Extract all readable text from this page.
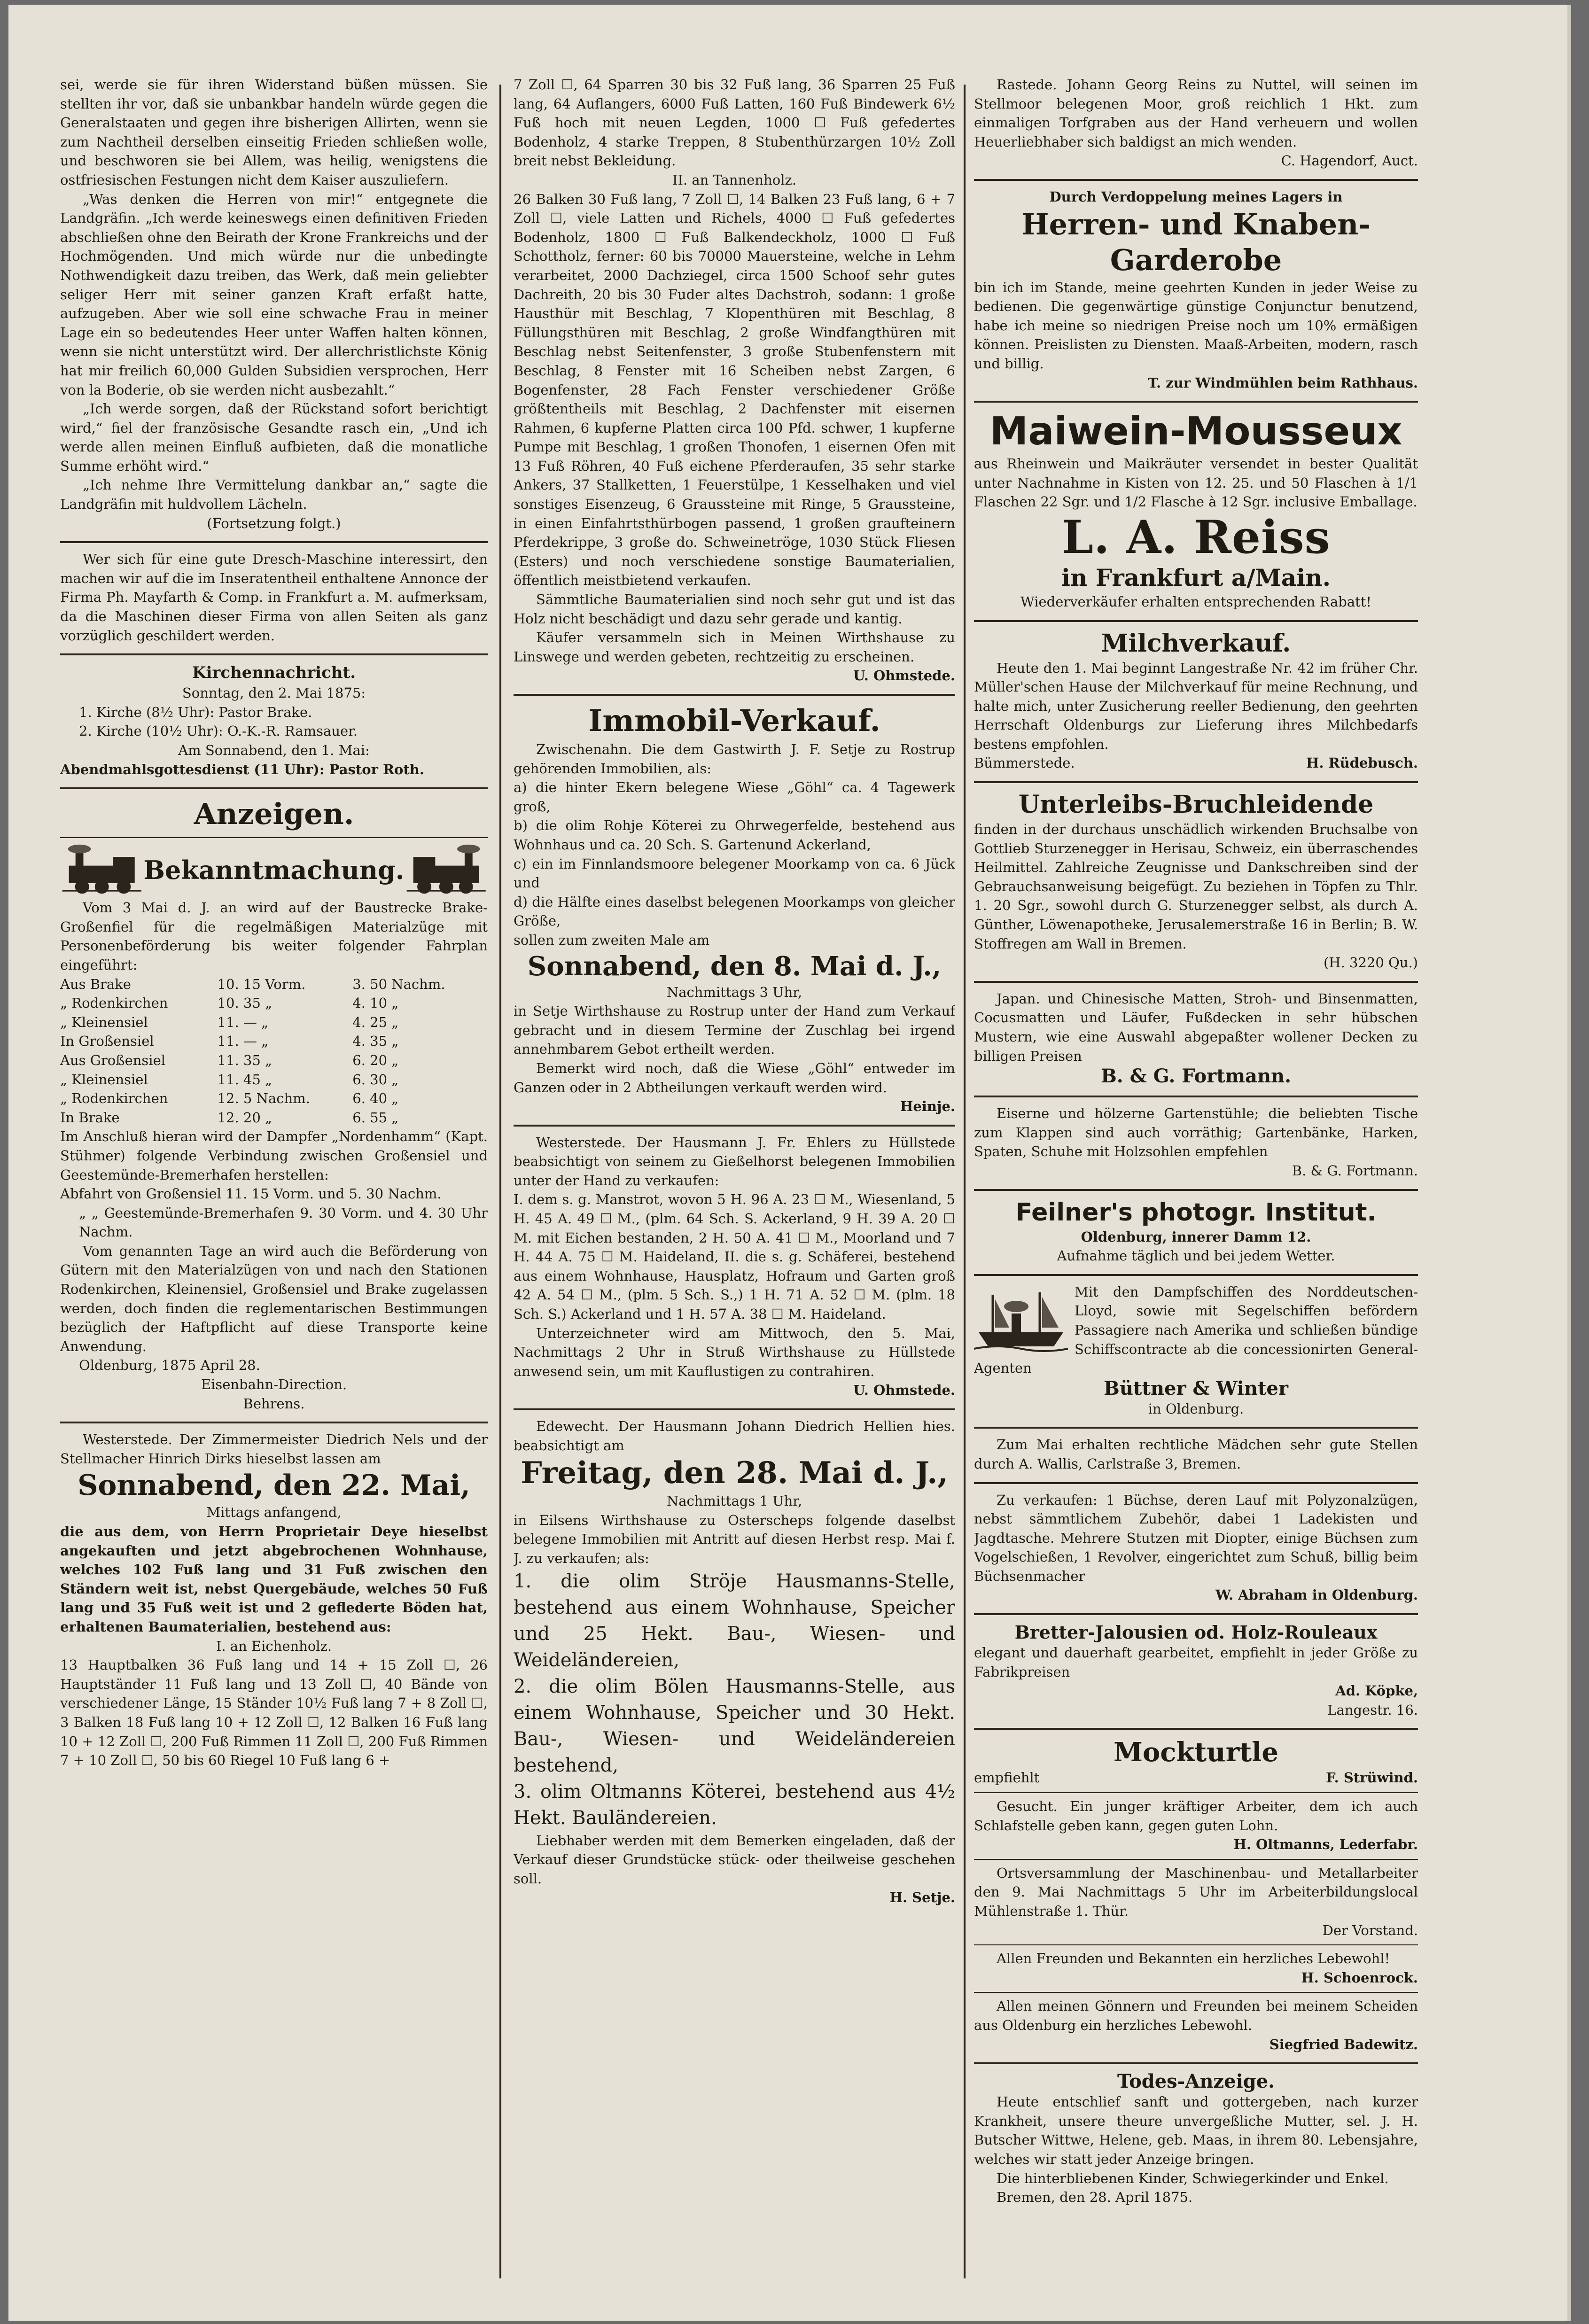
sei, werde sie für ihren Widerstand büßen müssen. Sie stellten ihr vor, daß sie unbankbar handeln würde gegen die Generalstaaten und gegen ihre bisherigen Allirten, wenn sie zum Nachtheil derselben einseitig Frieden schließen wolle, und beschworen sie bei Allem, was heilig, wenigstens die ostfriesischen Festungen nicht dem Kaiser auszuliefern.

„Was denken die Herren von mir!“ entgegnete die Landgräfin. „Ich werde keineswegs einen definitiven Frieden abschließen ohne den Beirath der Krone Frankreichs und der Hochmögenden. Und mich würde nur die unbedingte Nothwendigkeit dazu treiben, das Werk, daß mein geliebter seliger Herr mit seiner ganzen Kraft erfaßt hatte, aufzugeben. Aber wie soll eine schwache Frau in meiner Lage ein so bedeutendes Heer unter Waffen halten können, wenn sie nicht unterstützt wird. Der allerchristlichste König hat mir freilich 60,000 Gulden Subsidien versprochen, Herr von la Boderie, ob sie werden nicht ausbezahlt.“

„Ich werde sorgen, daß der Rückstand sofort berichtigt wird,“ fiel der französische Gesandte rasch ein, „Und ich werde allen meinen Einfluß aufbieten, daß die monatliche Summe erhöht wird.“

„Ich nehme Ihre Vermittelung dankbar an,“ sagte die Landgräfin mit huldvollem Lächeln.

(Fortsetzung folgt.)

Wer sich für eine gute Dresch-Maschine interessirt, den machen wir auf die im Inseratentheil enthaltene Annonce der Firma Ph. Mayfarth & Comp. in Frankfurt a. M. aufmerksam, da die Maschinen dieser Firma von allen Seiten als ganz vorzüglich geschildert werden.

Kirchennachricht.

Sonntag, den 2. Mai 1875:

1. Kirche (8½ Uhr): Pastor Brake.

2. Kirche (10½ Uhr): O.-K.-R. Ramsauer.

Am Sonnabend, den 1. Mai:

Abendmahlsgottesdienst (11 Uhr): Pastor Roth.

Anzeigen.
Bekanntmachung.

Vom 3 Mai d. J. an wird auf der Baustrecke Brake-Großenfiel für die regelmäßigen Materialzüge mit Personenbeförderung bis weiter folgender Fahrplan eingeführt:

Aus Brake	10. 15 Vorm.	3. 50 Nachm.
„ Rodenkirchen	10. 35 „	4. 10 „
„ Kleinensiel	11. — „	4. 25 „
In Großensiel	11. — „	4. 35 „
Aus Großensiel	11. 35 „	6. 20 „
„ Kleinensiel	11. 45 „	6. 30 „
„ Rodenkirchen	12. 5 Nachm.	6. 40 „
In Brake	12. 20 „	6. 55 „

Im Anschluß hieran wird der Dampfer „Nordenhamm“ (Kapt. Stühmer) folgende Verbindung zwischen Großensiel und Geestemünde-Bremerhafen herstellen:

Abfahrt von Großensiel 11. 15 Vorm. und 5. 30 Nachm.

„ „ Geestemünde-Bremerhafen 9. 30 Vorm. und 4. 30 Uhr Nachm.

Vom genannten Tage an wird auch die Beförderung von Gütern mit den Materialzügen von und nach den Stationen Rodenkirchen, Kleinensiel, Großensiel und Brake zugelassen werden, doch finden die reglementarischen Bestimmungen bezüglich der Haftpflicht auf diese Transporte keine Anwendung.

Oldenburg, 1875 April 28.

Eisenbahn-Direction.

Behrens.

Westerstede. Der Zimmermeister Diedrich Nels und der Stellmacher Hinrich Dirks hieselbst lassen am

Sonnabend, den 22. Mai,

Mittags anfangend,

die aus dem, von Herrn Proprietair Deye hieselbst angekauften und jetzt abgebrochenen Wohnhause, welches 102 Fuß lang und 31 Fuß zwischen den Ständern weit ist, nebst Quergebäude, welches 50 Fuß lang und 35 Fuß weit ist und 2 geflederte Böden hat, erhaltenen Baumaterialien, bestehend aus:

I. an Eichenholz.

13 Hauptbalken 36 Fuß lang und 14 + 15 Zoll ☐, 26 Hauptständer 11 Fuß lang und 13 Zoll ☐, 40 Bände von verschiedener Länge, 15 Ständer 10½ Fuß lang 7 + 8 Zoll ☐, 3 Balken 18 Fuß lang 10 + 12 Zoll ☐, 12 Balken 16 Fuß lang 10 + 12 Zoll ☐, 200 Fuß Rimmen 11 Zoll ☐, 200 Fuß Rimmen 7 + 10 Zoll ☐, 50 bis 60 Riegel 10 Fuß lang 6 +

7 Zoll ☐, 64 Sparren 30 bis 32 Fuß lang, 36 Sparren 25 Fuß lang, 64 Auflangers, 6000 Fuß Latten, 160 Fuß Bindewerk 6½ Fuß hoch mit neuen Legden, 1000 ☐ Fuß gefedertes Bodenholz, 4 starke Treppen, 8 Stubenthürzargen 10½ Zoll breit nebst Bekleidung.

II. an Tannenholz.

26 Balken 30 Fuß lang, 7 Zoll ☐, 14 Balken 23 Fuß lang, 6 + 7 Zoll ☐, viele Latten und Richels, 4000 ☐ Fuß gefedertes Bodenholz, 1800 ☐ Fuß Balkendeckholz, 1000 ☐ Fuß Schottholz, ferner: 60 bis 70000 Mauersteine, welche in Lehm verarbeitet, 2000 Dachziegel, circa 1500 Schoof sehr gutes Dachreith, 20 bis 30 Fuder altes Dachstroh, sodann: 1 große Hausthür mit Beschlag, 7 Klopenthüren mit Beschlag, 8 Füllungsthüren mit Beschlag, 2 große Windfangthüren mit Beschlag nebst Seitenfenster, 3 große Stubenfenstern mit Beschlag, 8 Fenster mit 16 Scheiben nebst Zargen, 6 Bogenfenster, 28 Fach Fenster verschiedener Größe größtentheils mit Beschlag, 2 Dachfenster mit eisernen Rahmen, 6 kupferne Platten circa 100 Pfd. schwer, 1 kupferne Pumpe mit Beschlag, 1 großen Thonofen, 1 eisernen Ofen mit 13 Fuß Röhren, 40 Fuß eichene Pferderaufen, 35 sehr starke Ankers, 37 Stallketten, 1 Feuerstülpe, 1 Kesselhaken und viel sonstiges Eisenzeug, 6 Graussteine mit Ringe, 5 Graussteine, in einen Einfahrtsthürbogen passend, 1 großen graufteinern Pferdekrippe, 3 große do. Schweinetröge, 1030 Stück Fliesen (Esters) und noch verschiedene sonstige Baumaterialien, öffentlich meistbietend verkaufen.

Sämmtliche Baumaterialien sind noch sehr gut und ist das Holz nicht beschädigt und dazu sehr gerade und kantig.

Käufer versammeln sich in Meinen Wirthshause zu Linswege und werden gebeten, rechtzeitig zu erscheinen.

U. Ohmstede.

Immobil-Verkauf.

Zwischenahn. Die dem Gastwirth J. F. Setje zu Rostrup gehörenden Immobilien, als:

a) die hinter Ekern belegene Wiese „Göhl“ ca. 4 Tagewerk groß,

b) die olim Rohje Köterei zu Ohrwegerfelde, bestehend aus Wohnhaus und ca. 20 Sch. S. Gartenund Ackerland,

c) ein im Finnlandsmoore belegener Moorkamp von ca. 6 Jück und

d) die Hälfte eines daselbst belegenen Moorkamps von gleicher Größe,

sollen zum zweiten Male am

Sonnabend, den 8. Mai d. J.,

Nachmittags 3 Uhr,

in Setje Wirthshause zu Rostrup unter der Hand zum Verkauf gebracht und in diesem Termine der Zuschlag bei irgend annehmbarem Gebot ertheilt werden.

Bemerkt wird noch, daß die Wiese „Göhl“ entweder im Ganzen oder in 2 Abtheilungen verkauft werden wird.

Heinje.

Westerstede. Der Hausmann J. Fr. Ehlers zu Hüllstede beabsichtigt von seinem zu Gießelhorst belegenen Immobilien unter der Hand zu verkaufen:

I. dem s. g. Manstrot, wovon 5 H. 96 A. 23 ☐ M., Wiesenland, 5 H. 45 A. 49 ☐ M., (plm. 64 Sch. S. Ackerland, 9 H. 39 A. 20 ☐ M. mit Eichen bestanden, 2 H. 50 A. 41 ☐ M., Moorland und 7 H. 44 A. 75 ☐ M. Haideland, II. die s. g. Schäferei, bestehend aus einem Wohnhause, Hausplatz, Hofraum und Garten groß 42 A. 54 ☐ M., (plm. 5 Sch. S.,) 1 H. 71 A. 52 ☐ M. (plm. 18 Sch. S.) Ackerland und 1 H. 57 A. 38 ☐ M. Haideland.

Unterzeichneter wird am Mittwoch, den 5. Mai, Nachmittags 2 Uhr in Struß Wirthshause zu Hüllstede anwesend sein, um mit Kauflustigen zu contrahiren.

U. Ohmstede.

Edewecht. Der Hausmann Johann Diedrich Hellien hies. beabsichtigt am

Freitag, den 28. Mai d. J.,

Nachmittags 1 Uhr,

in Eilsens Wirthshause zu Osterscheps folgende daselbst belegene Immobilien mit Antritt auf diesen Herbst resp. Mai f. J. zu verkaufen; als:

1. die olim Ströje Hausmanns-Stelle, bestehend aus einem Wohnhause, Speicher und 25 Hekt. Bau-, Wiesen- und Weideländereien,

2. die olim Bölen Hausmanns-Stelle, aus einem Wohnhause, Speicher und 30 Hekt. Bau-, Wiesen- und Weideländereien bestehend,

3. olim Oltmanns Köterei, bestehend aus 4½ Hekt. Bauländereien.

Liebhaber werden mit dem Bemerken eingeladen, daß der Verkauf dieser Grundstücke stück- oder theilweise geschehen soll.

H. Setje.

Rastede. Johann Georg Reins zu Nuttel, will seinen im Stellmoor belegenen Moor, groß reichlich 1 Hkt. zum einmaligen Torfgraben aus der Hand verheuern und wollen Heuerliebhaber sich baldigst an mich wenden.

C. Hagendorf, Auct.

Durch Verdoppelung meines Lagers in

Herren- und Knaben-Garderobe

bin ich im Stande, meine geehrten Kunden in jeder Weise zu bedienen. Die gegenwärtige günstige Conjunctur benutzend, habe ich meine so niedrigen Preise noch um 10% ermäßigen können. Preislisten zu Diensten. Maaß-Arbeiten, modern, rasch und billig.

T. zur Windmühlen beim Rathhaus.

Maiwein-Mousseux

aus Rheinwein und Maikräuter versendet in bester Qualität unter Nachnahme in Kisten von 12. 25. und 50 Flaschen à 1/1 Flaschen 22 Sgr. und 1/2 Flasche à 12 Sgr. inclusive Emballage.

L. A. Reiss
in Frankfurt a/Main.

Wiederverkäufer erhalten entsprechenden Rabatt!

Milchverkauf.

Heute den 1. Mai beginnt Langestraße Nr. 42 im früher Chr. Müller'schen Hause der Milchverkauf für meine Rechnung, und halte mich, unter Zusicherung reeller Bedienung, den geehrten Herrschaft Oldenburgs zur Lieferung ihres Milchbedarfs bestens empfohlen.

Bümmerstede.	H. Rüdebusch.
Unterleibs-Bruchleidende

finden in der durchaus unschädlich wirkenden Bruchsalbe von Gottlieb Sturzenegger in Herisau, Schweiz, ein überraschendes Heilmittel. Zahlreiche Zeugnisse und Dankschreiben sind der Gebrauchsanweisung beigefügt. Zu beziehen in Töpfen zu Thlr. 1. 20 Sgr., sowohl durch G. Sturzenegger selbst, als durch A. Günther, Löwenapotheke, Jerusalemerstraße 16 in Berlin; B. W. Stoffregen am Wall in Bremen.

(H. 3220 Qu.)

Japan. und Chinesische Matten, Stroh- und Binsenmatten, Cocusmatten und Läufer, Fußdecken in sehr hübschen Mustern, wie eine Auswahl abgepaßter wollener Decken zu billigen Preisen

B. & G. Fortmann.

Eiserne und hölzerne Gartenstühle; die beliebten Tische zum Klappen sind auch vorräthig; Gartenbänke, Harken, Spaten, Schuhe mit Holzsohlen empfehlen

B. & G. Fortmann.

Feilner's photogr. Institut.

Oldenburg, innerer Damm 12.

Aufnahme täglich und bei jedem Wetter.

Mit den Dampfschiffen des Norddeutschen-Lloyd, sowie mit Segelschiffen befördern Passagiere nach Amerika und schließen bündige Schiffscontracte ab die concessionirten General-Agenten

Büttner & Winter

in Oldenburg.

Zum Mai erhalten rechtliche Mädchen sehr gute Stellen durch A. Wallis, Carlstraße 3, Bremen.

Zu verkaufen: 1 Büchse, deren Lauf mit Polyzonalzügen, nebst sämmtlichem Zubehör, dabei 1 Ladekisten und Jagdtasche. Mehrere Stutzen mit Diopter, einige Büchsen zum Vogelschießen, 1 Revolver, eingerichtet zum Schuß, billig beim Büchsenmacher

W. Abraham in Oldenburg.

Bretter-Jalousien od. Holz-Rouleaux

elegant und dauerhaft gearbeitet, empfiehlt in jeder Größe zu Fabrikpreisen

Ad. Köpke,

Langestr. 16.

Mockturtle
empfiehlt	F. Strüwind.

Gesucht. Ein junger kräftiger Arbeiter, dem ich auch Schlafstelle geben kann, gegen guten Lohn.

H. Oltmanns, Lederfabr.

Ortsversammlung der Maschinenbau- und Metallarbeiter den 9. Mai Nachmittags 5 Uhr im Arbeiterbildungslocal Mühlenstraße 1. Thür.

Der Vorstand.

Allen Freunden und Bekannten ein herzliches Lebewohl!

H. Schoenrock.

Allen meinen Gönnern und Freunden bei meinem Scheiden aus Oldenburg ein herzliches Lebewohl.

Siegfried Badewitz.

Todes-Anzeige.

Heute entschlief sanft und gottergeben, nach kurzer Krankheit, unsere theure unvergeßliche Mutter, sel. J. H. Butscher Wittwe, Helene, geb. Maas, in ihrem 80. Lebensjahre, welches wir statt jeder Anzeige bringen.

Die hinterbliebenen Kinder, Schwiegerkinder und Enkel.

Bremen, den 28. April 1875.
